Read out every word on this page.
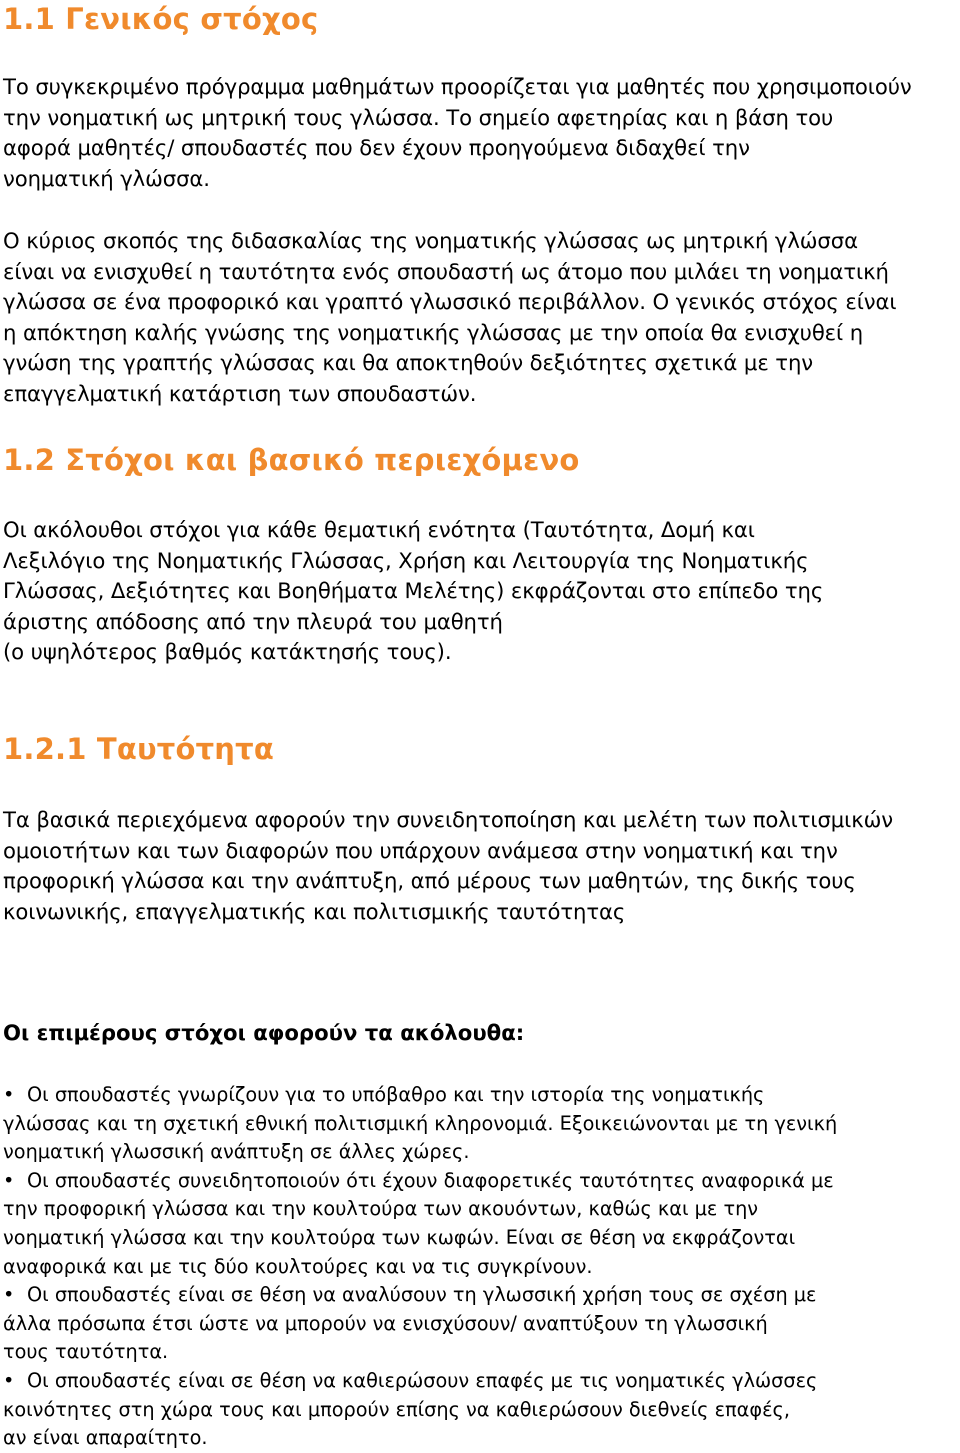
1.1 Γενικός στόχος

Το συγκεκριμένο πρόγραμμα μαθημάτων προορίζεται για μαθητές που χρησιμοποιούν
την νοηματική ως μητρική τους γλώσσα. Το σημείο αφετηρίας και η βάση του
αφορά μαθητές/ σπουδαστές που δεν έχουν προηγούμενα διδαχθεί την
νοηματική γλώσσα.

Ο κύριος σκοπός της διδασκαλίας της νοηματικής γλώσσας ως μητρική γλώσσα
είναι να ενισχυθεί η ταυτότητα ενός σπουδαστή ως άτομο που μιλάει τη νοηματική
γλώσσα σε ένα προφορικό και γραπτό γλωσσικό περιβάλλον. Ο γενικός στόχος είναι
η απόκτηση καλής γνώσης της νοηματικής γλώσσας με την οποία θα ενισχυθεί η
γνώση της γραπτής γλώσσας και θα αποκτηθούν δεξιότητες σχετικά με την
επαγγελματική κατάρτιση των σπουδαστών.

1.2 Στόχοι και βασικό περιεχόμενο

Οι ακόλουθοι στόχοι για κάθε θεματική ενότητα (Ταυτότητα, Δομή και
Λεξιλόγιο της Νοηματικής Γλώσσας, Χρήση και Λειτουργία της Νοηματικής
Γλώσσας, Δεξιότητες και Βοηθήματα Μελέτης) εκφράζονται στο επίπεδο της
άριστης απόδοσης από την πλευρά του μαθητή
(ο υψηλότερος βαθμός κατάκτησής τους).

1.2.1 Ταυτότητα

Τα βασικά περιεχόμενα αφορούν την συνειδητοποίηση και μελέτη των πολιτισμικών
ομοιοτήτων και των διαφορών που υπάρχουν ανάμεσα στην νοηματική και την
προφορική γλώσσα και την ανάπτυξη, από μέρους των μαθητών, της δικής τους
κοινωνικής, επαγγελματικής και πολιτισμικής ταυτότητας

Οι επιμέρους στόχοι αφορούν τα ακόλουθα:

• Οι σπουδαστές γνωρίζουν για το υπόβαθρο και την ιστορία της νοηματικής
γλώσσας και τη σχετική εθνική πολιτισμική κληρονομιά. Εξοικειώνονται με τη γενική
νοηματική γλωσσική ανάπτυξη σε άλλες χώρες.
• Οι σπουδαστές συνειδητοποιούν ότι έχουν διαφορετικές ταυτότητες αναφορικά με
την προφορική γλώσσα και την κουλτούρα των ακουόντων, καθώς και με την
νοηματική γλώσσα και την κουλτούρα των κωφών. Είναι σε θέση να εκφράζονται
αναφορικά και με τις δύο κουλτούρες και να τις συγκρίνουν.
• Οι σπουδαστές είναι σε θέση να αναλύσουν τη γλωσσική χρήση τους σε σχέση με
άλλα πρόσωπα έτσι ώστε να μπορούν να ενισχύσουν/ αναπτύξουν τη γλωσσική
τους ταυτότητα.
• Οι σπουδαστές είναι σε θέση να καθιερώσουν επαφές με τις νοηματικές γλώσσες
κοινότητες στη χώρα τους και μπορούν επίσης να καθιερώσουν διεθνείς επαφές,
αν είναι απαραίτητο.
